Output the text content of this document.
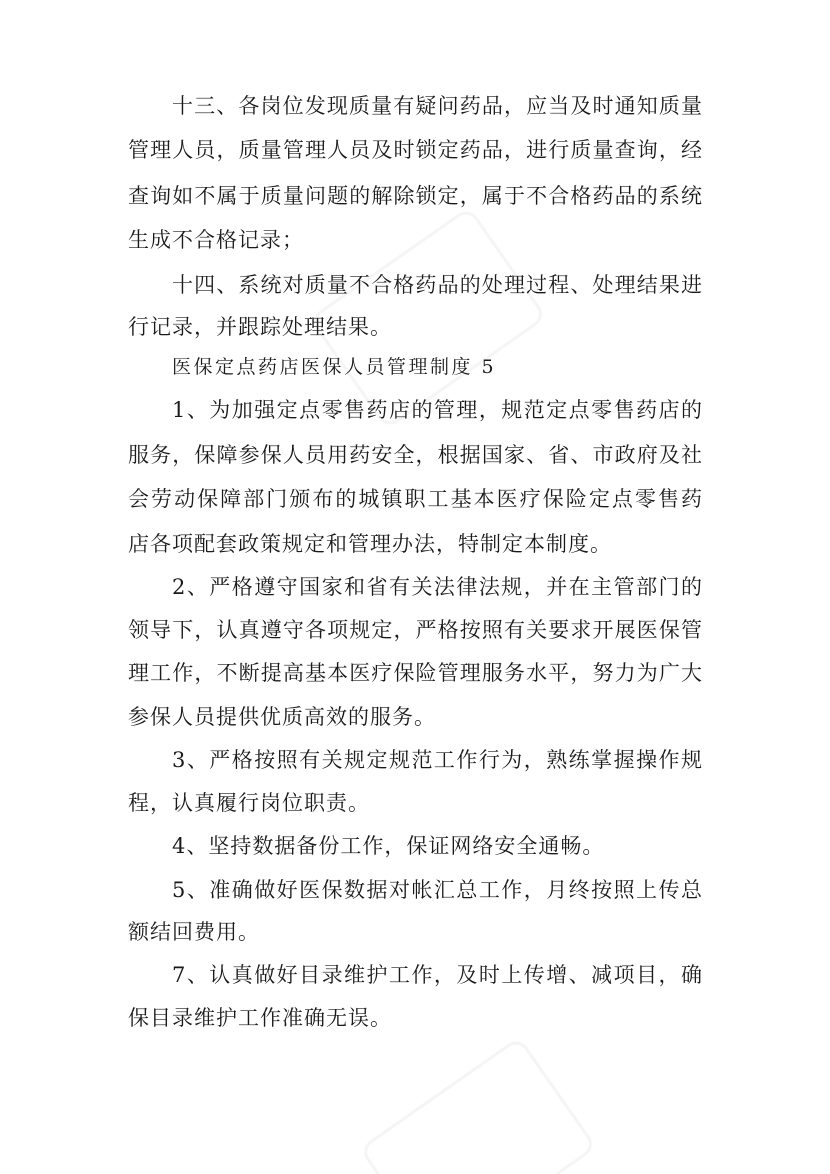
十三、各岗位发现质量有疑问药品，应当及时通知质量
管理人员，质量管理人员及时锁定药品，进行质量查询，经
查询如不属于质量问题的解除锁定，属于不合格药品的系统
生成不合格记录；
十四、系统对质量不合格药品的处理过程、处理结果进
行记录，并跟踪处理结果。
医保定点药店医保人员管理制度 5
1、为加强定点零售药店的管理，规范定点零售药店的
服务，保障参保人员用药安全，根据国家、省、市政府及社
会劳动保障部门颁布的城镇职工基本医疗保险定点零售药
店各项配套政策规定和管理办法，特制定本制度。
2、严格遵守国家和省有关法律法规，并在主管部门的
领导下，认真遵守各项规定，严格按照有关要求开展医保管
理工作，不断提高基本医疗保险管理服务水平，努力为广大
参保人员提供优质高效的服务。
3、严格按照有关规定规范工作行为，熟练掌握操作规
程，认真履行岗位职责。
4、坚持数据备份工作，保证网络安全通畅。
5、准确做好医保数据对帐汇总工作，月终按照上传总
额结回费用。
7、认真做好目录维护工作，及时上传增、减项目，确
保目录维护工作准确无误。
